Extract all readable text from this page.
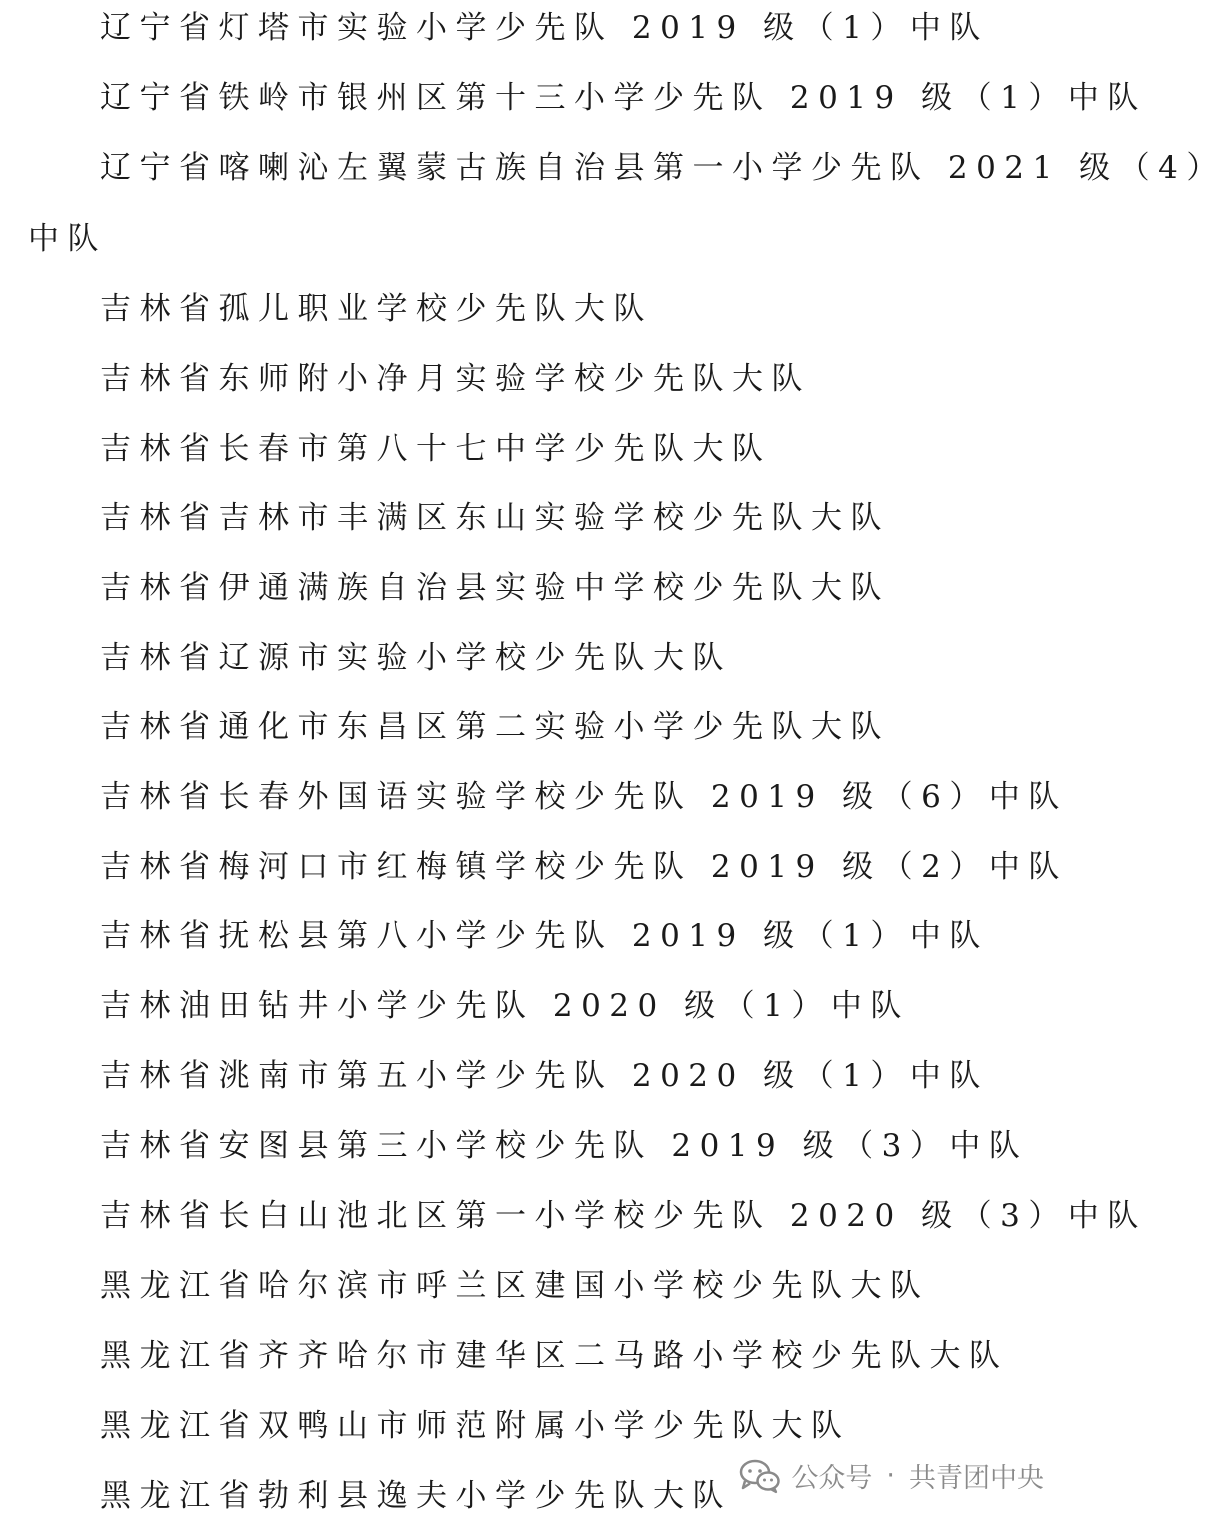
辽宁省灯塔市实验小学少先队 2019 级（1）中队
辽宁省铁岭市银州区第十三小学少先队 2019 级（1）中队
辽宁省喀喇沁左翼蒙古族自治县第一小学少先队 2021 级（4）
中队
吉林省孤儿职业学校少先队大队
吉林省东师附小净月实验学校少先队大队
吉林省长春市第八十七中学少先队大队
吉林省吉林市丰满区东山实验学校少先队大队
吉林省伊通满族自治县实验中学校少先队大队
吉林省辽源市实验小学校少先队大队
吉林省通化市东昌区第二实验小学少先队大队
吉林省长春外国语实验学校少先队 2019 级（6）中队
吉林省梅河口市红梅镇学校少先队 2019 级（2）中队
吉林省抚松县第八小学少先队 2019 级（1）中队
吉林油田钻井小学少先队 2020 级（1）中队
吉林省洮南市第五小学少先队 2020 级（1）中队
吉林省安图县第三小学校少先队 2019 级（3）中队
吉林省长白山池北区第一小学校少先队 2020 级（3）中队
黑龙江省哈尔滨市呼兰区建国小学校少先队大队
黑龙江省齐齐哈尔市建华区二马路小学校少先队大队
黑龙江省双鸭山市师范附属小学少先队大队
黑龙江省勃利县逸夫小学少先队大队 公众号 · 共青团中央
